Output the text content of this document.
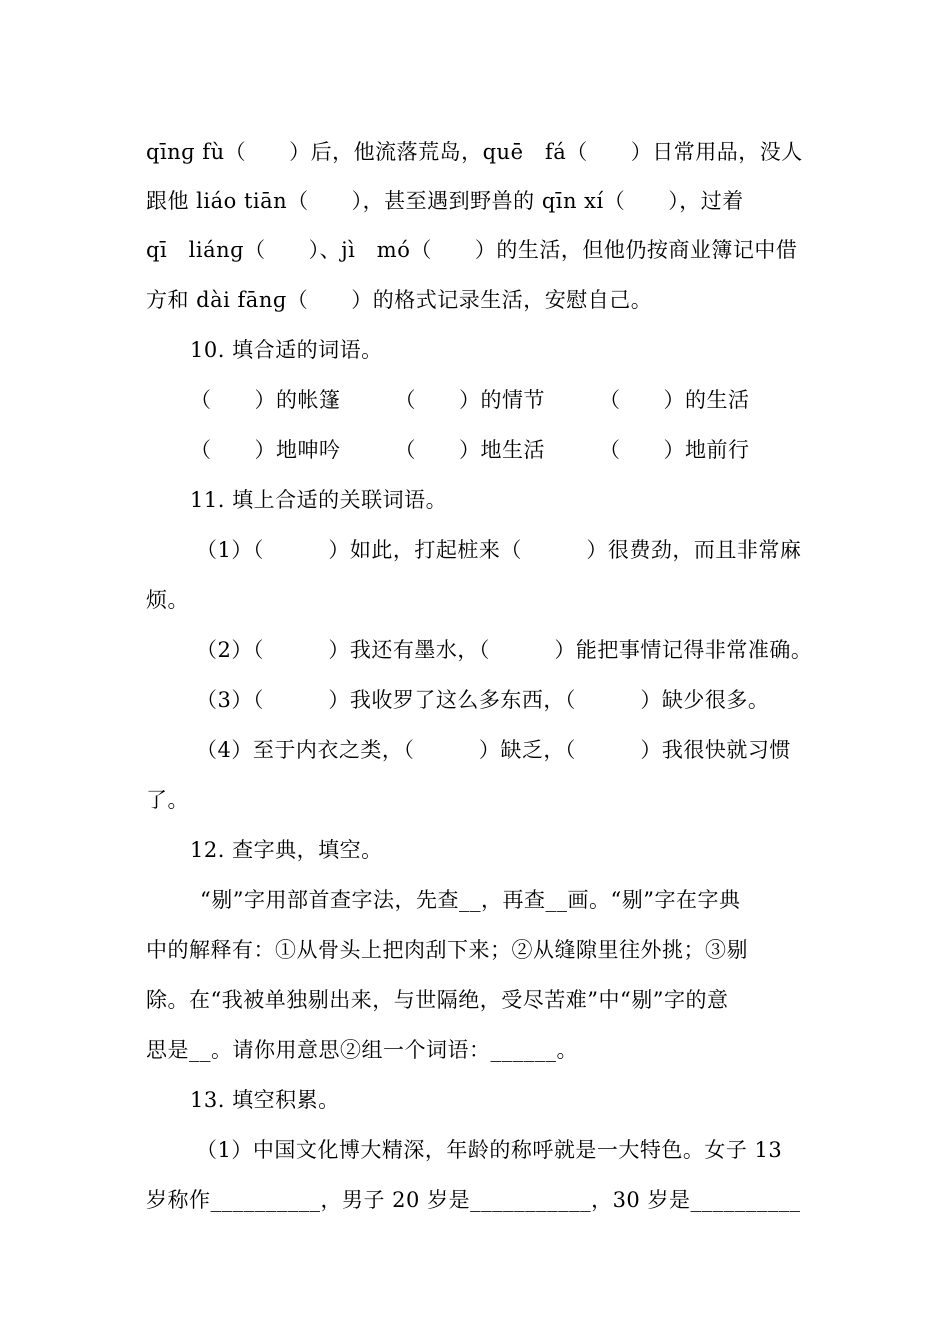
qīnɡ fù（　　）后，他流落荒岛，quē　fá（　　）日常用品，没人
跟他 liáo tiān（　　），甚至遇到野兽的 qīn xí（　　），过着
qī　liánɡ（　　）、jì　mó（　　）的生活，但他仍按商业簿记中借
方和 dài fānɡ（　　）的格式记录生活，安慰自己。
10. 填合适的词语。
（　　）的帐篷　　　（　　）的情节　　　（　　）的生活
（　　）地呻吟　　　（　　）地生活　　　（　　）地前行
11. 填上合适的关联词语。
（1）（　　　）如此，打起桩来（　　　）很费劲，而且非常麻
烦。
（2）（　　　）我还有墨水，（　　　）能把事情记得非常准确。
（3）（　　　）我收罗了这么多东西，（　　　）缺少很多。
（4）至于内衣之类，（　　　）缺乏，（　　　）我很快就习惯
了。
12. 查字典，填空。
“剔”字用部首查字法，先查__，再查__画。“剔”字在字典
中的解释有：①从骨头上把肉刮下来；②从缝隙里往外挑；③剔
除。在“我被单独剔出来，与世隔绝，受尽苦难”中“剔”字的意
思是__。请你用意思②组一个词语：______。
13. 填空积累。
（1）中国文化博大精深，年龄的称呼就是一大特色。女子 13
岁称作__________，男子 20 岁是___________，30 岁是__________
